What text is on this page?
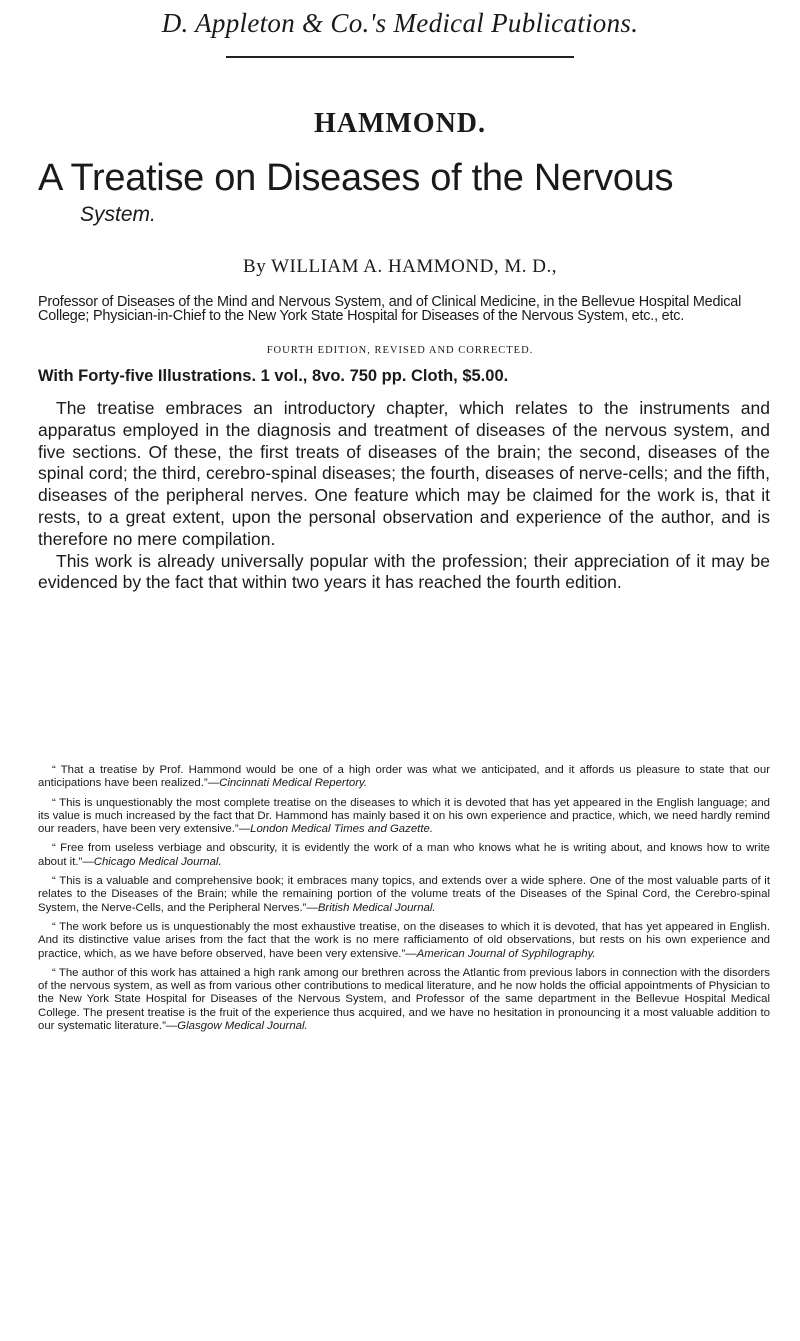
D. Appleton & Co.'s Medical Publications.
HAMMOND.
A Treatise on Diseases of the Nervous
System.
By WILLIAM A. HAMMOND, M. D.,
Professor of Diseases of the Mind and Nervous System, and of Clinical Medicine, in the Bellevue Hospital Medical College; Physician-in-Chief to the New York State Hospital for Diseases of the Nervous System, etc., etc.
FOURTH EDITION, REVISED AND CORRECTED.
With Forty-five Illustrations. 1 vol., 8vo. 750 pp. Cloth, $5.00.

The treatise embraces an introductory chapter, which relates to the instruments and apparatus employed in the diagnosis and treatment of diseases of the nervous system, and five sections. Of these, the first treats of diseases of the brain; the second, diseases of the spinal cord; the third, cerebro-spinal diseases; the fourth, diseases of nerve-cells; and the fifth, diseases of the peripheral nerves. One feature which may be claimed for the work is, that it rests, to a great extent, upon the personal observation and experience of the author, and is therefore no mere compilation.

This work is already universally popular with the profession; their appreciation of it may be evidenced by the fact that within two years it has reached the fourth edition.

“ That a treatise by Prof. Hammond would be one of a high order was what we anticipated, and it affords us pleasure to state that our anticipations have been realized.”—Cincinnati Medical Repertory.

“ This is unquestionably the most complete treatise on the diseases to which it is devoted that has yet appeared in the English language; and its value is much increased by the fact that Dr. Hammond has mainly based it on his own experience and practice, which, we need hardly remind our readers, have been very extensive.”—London Medical Times and Gazette.

“ Free from useless verbiage and obscurity, it is evidently the work of a man who knows what he is writing about, and knows how to write about it.”—Chicago Medical Journal.

“ This is a valuable and comprehensive book; it embraces many topics, and extends over a wide sphere. One of the most valuable parts of it relates to the Diseases of the Brain; while the remaining portion of the volume treats of the Diseases of the Spinal Cord, the Cerebro-spinal System, the Nerve-Cells, and the Peripheral Nerves.”—British Medical Journal.

“ The work before us is unquestionably the most exhaustive treatise, on the diseases to which it is devoted, that has yet appeared in English. And its distinctive value arises from the fact that the work is no mere rafficiamento of old observations, but rests on his own experience and practice, which, as we have before observed, have been very extensive.”—American Journal of Syphilography.

“ The author of this work has attained a high rank among our brethren across the Atlantic from previous labors in connection with the disorders of the nervous system, as well as from various other contributions to medical literature, and he now holds the official appointments of Physician to the New York State Hospital for Diseases of the Nervous System, and Professor of the same department in the Bellevue Hospital Medical College. The present treatise is the fruit of the experience thus acquired, and we have no hesitation in pronouncing it a most valuable addition to our systematic literature.”—Glasgow Medical Journal.
